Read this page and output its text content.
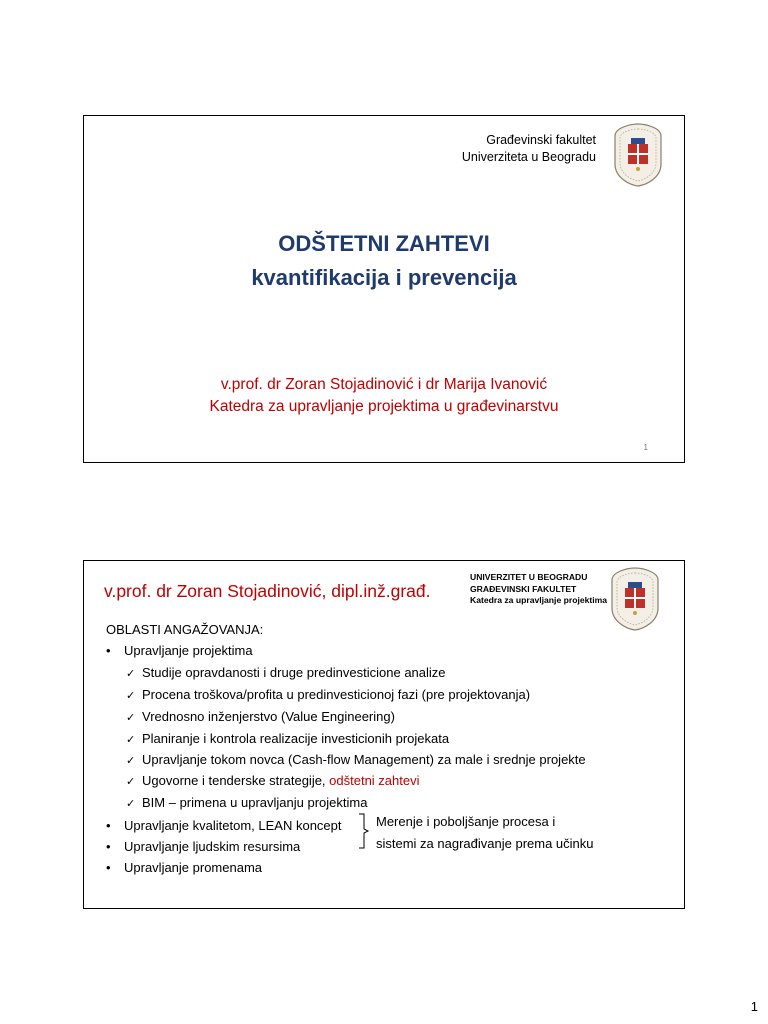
Građevinski fakultet
Univerziteta u Beogradu
ODŠTETNI ZAHTEVI
kvantifikacija i prevencija
v.prof. dr Zoran Stojadinović i dr Marija Ivanović
Katedra za upravljanje projektima u građevinarstvu
1
v.prof. dr Zoran Stojadinović, dipl.inž.građ.
UNIVERZITET U BEOGRADU
GRAĐEVINSKI FAKULTET
Katedra za upravljanje projektima
OBLASTI ANGAŽOVANJA:
• Upravljanje projektima
✓ Studije opravdanosti i druge predinvesticione analize
✓ Procena troškova/profita u predinvesticionoj fazi (pre projektovanja)
✓ Vrednosno inženjerstvo (Value Engineering)
✓ Planiranje i kontrola realizacije investicionih projekata
✓ Upravljanje tokom novca (Cash-flow Management) za male i srednje projekte
✓ Ugovorne i tenderske strategije, odštetni zahtevi
✓ BIM – primena u upravljanju projektima
• Upravljanje kvalitetom, LEAN koncept
• Upravljanje ljudskim resursima
• Upravljanje promenama
Merenje i poboljšanje procesa i
sistemi za nagrađivanje prema učinku
1
